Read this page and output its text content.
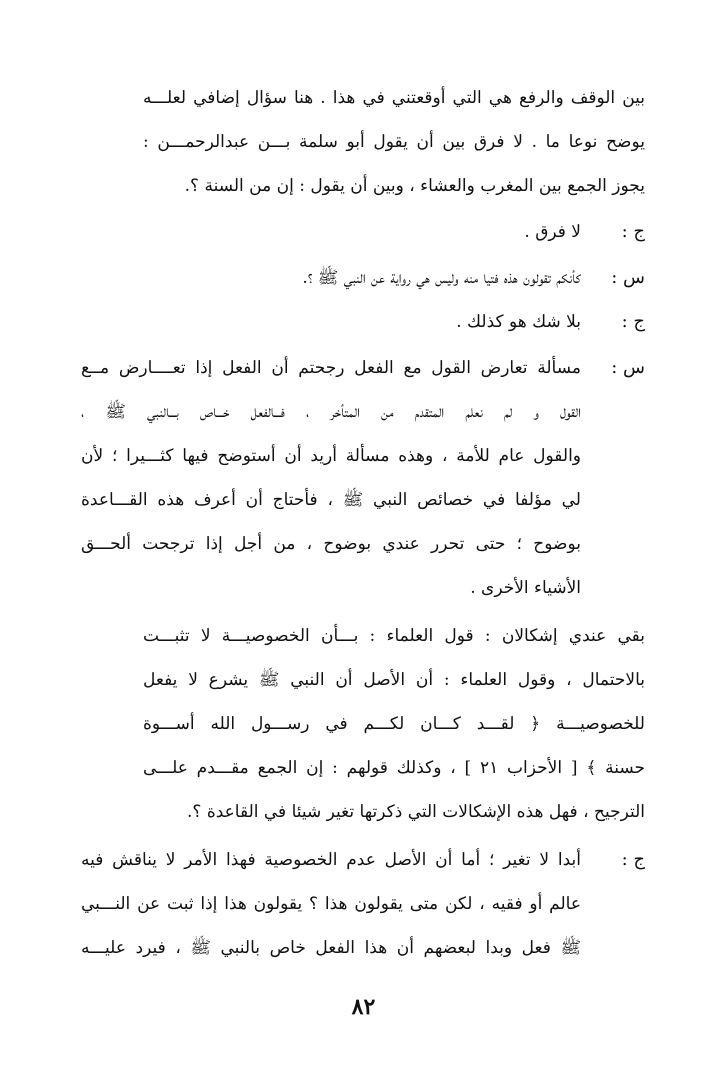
بين الوقف والرفع هي التي أوقعتني في هذا . هنا سؤال إضافي لعلـــه
يوضح نوعا ما . لا فرق بين أن يقول أبو سلمة بـــن عبدالرحمـــن :
يجوز الجمع بين المغرب والعشاء ، وبين أن يقول : إن من السنة ؟.
ج :
لا فرق .
س :
كأنكم تقولون هذه فتيا منه وليس هي رواية عن النبي ﷺ ؟.
ج :
بلا شك هو كذلك .
س :
مسألة تعارض القول مع الفعل رجحتم أن الفعل إذا تعــــارض مــع
القول و لم نعلم المتقدم من المتأخر ، فـــالفعل خـــاص بـــالنبي ﷺ ،
والقول عام للأمة ، وهذه مسألة أريد أن أستوضح فيها كثـــيرا ؛ لأن
لي مؤلفا في خصائص النبي ﷺ ، فأحتاج أن أعرف هذه القـــاعدة
بوضوح ؛ حتى تحرر عندي بوضوح ، من أجل إذا ترجحت ألحـــق
الأشياء الأخرى .
بقي عندي إشكالان : قول العلماء : بـــأن الخصوصيـــة لا تثبـــت
بالاحتمال ، وقول العلماء : أن الأصل أن النبي ﷺ يشرع لا يفعل
للخصوصيـــة ﴿ لقـــد كـــان لكـــم في رســـول الله أســـوة
حسنة ﴾ [ الأحزاب ٢١ ] ، وكذلك قولهم : إن الجمع مقـــدم علـــى
الترجيح ، فهل هذه الإشكالات التي ذكرتها تغير شيئا في القاعدة ؟.
ج :
أبدا لا تغير ؛ أما أن الأصل عدم الخصوصية فهذا الأمر لا يناقش فيه
عالم أو فقيه ، لكن متى يقولون هذا ؟ يقولون هذا إذا ثبت عن النـــبي
ﷺ فعل وبدا لبعضهم أن هذا الفعل خاص بالنبي ﷺ ، فيرد عليـــه
٨٢
